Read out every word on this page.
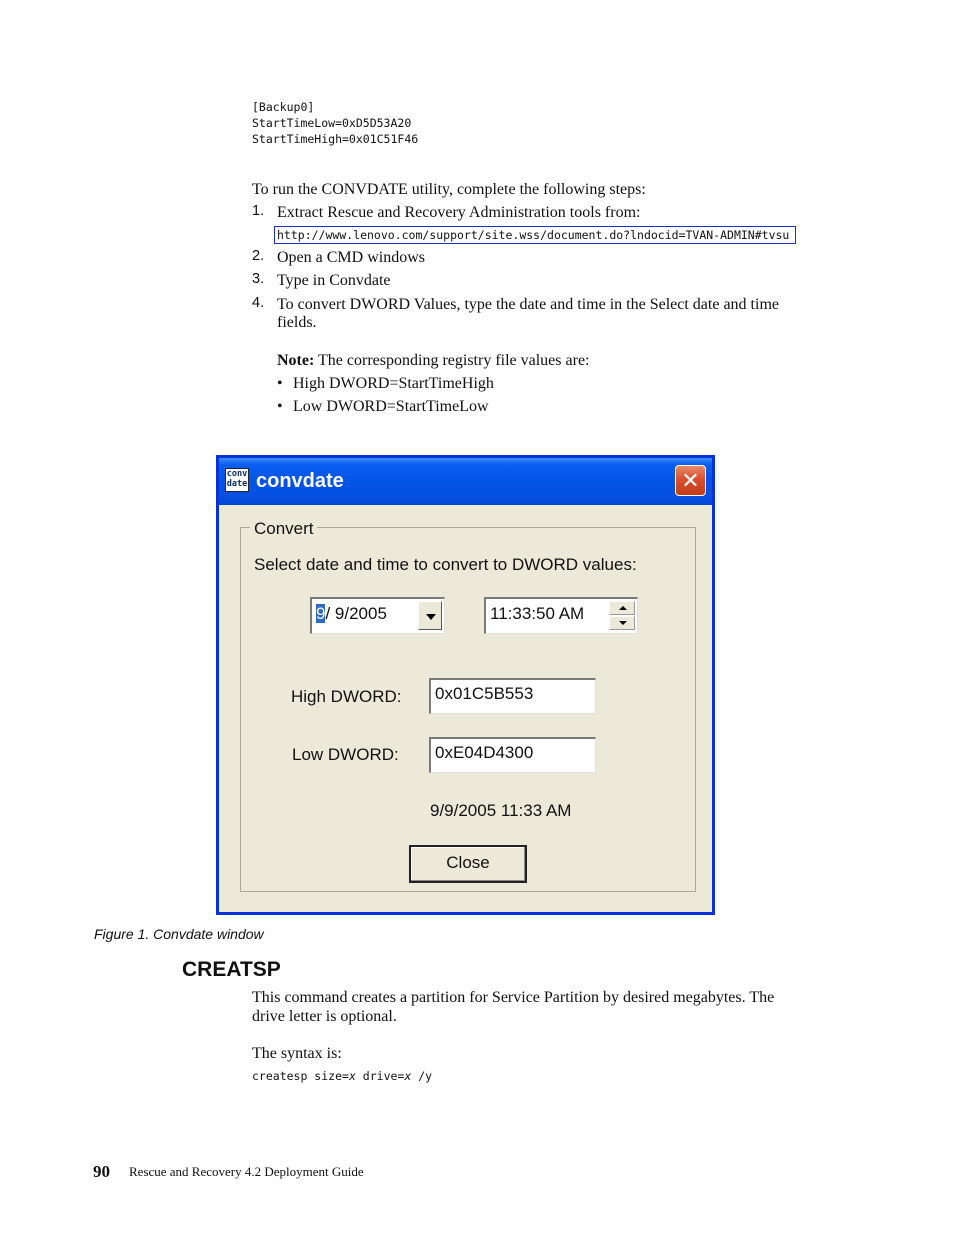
[Backup0]
StartTimeLow=0xD5D53A20
StartTimeHigh=0x01C51F46
To run the CONVDATE utility, complete the following steps:
1. Extract Rescue and Recovery Administration tools from:
http://www.lenovo.com/support/site.wss/document.do?lndocid=TVAN-ADMIN#tvsu
2. Open a CMD windows
3. Type in Convdate
4. To convert DWORD Values, type the date and time in the Select date and time
fields.
Note: The corresponding registry file values are:
• High DWORD=StartTimeHigh
• Low DWORD=StartTimeLow
conv
date convdate	✕
Convert
Select date and time to convert to DWORD values:
9/ 9/2005	11:33:50 AM
High DWORD:	0x01C5B553
Low DWORD:	0xE04D4300
9/9/2005 11:33 AM
Close
Figure 1. Convdate window
CREATSP
This command creates a partition for Service Partition by desired megabytes. The
drive letter is optional.
The syntax is:
createsp size=x drive=x /y
90 Rescue and Recovery 4.2 Deployment Guide
